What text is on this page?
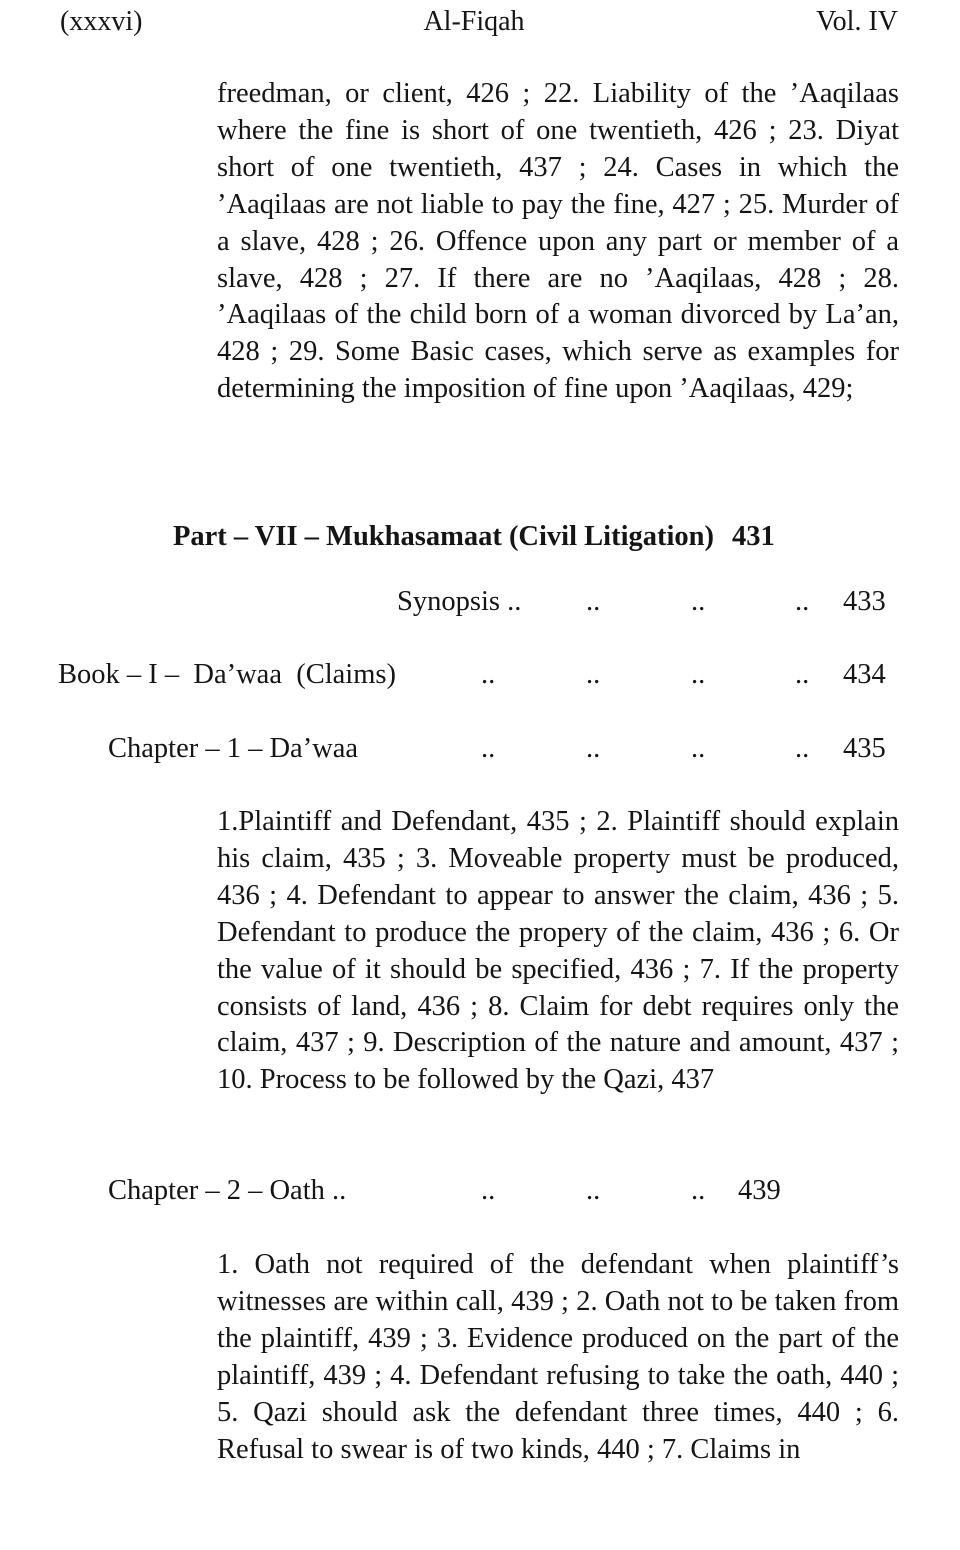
(xxxvi)	Al-Fiqah	Vol. IV

freedman, or client, 426 ; 22. Liability of the ’Aaqilaas where the fine is short of one twentieth, 426 ; 23. Diyat short of one twentieth, 437 ; 24. Cases in which the ’Aaqilaas are not liable to pay the fine, 427 ; 25. Murder of a slave, 428 ; 26. Offence upon any part or member of a slave, 428 ; 27. If there are no ’Aaqilaas, 428 ; 28. ’Aaqilaas of the child born of a woman divorced by La’an, 428 ; 29. Some Basic cases, which serve as examples for determining the imposition of fine upon ’Aaqilaas, 429;

Part – VII – Mukhasamaat (Civil Litigation) 431
Synopsis .. ..	..	.. 433
Book – I –  Da’waa  (Claims)	..	..	..	.. 434
Chapter – 1 – Da’waa	..	..	..	.. 435

1.Plaintiff and Defendant, 435 ; 2. Plaintiff should explain his claim, 435 ; 3. Moveable property must be produced, 436 ; 4. Defendant to appear to answer the claim, 436 ; 5. Defendant to produce the propery of the claim, 436 ; 6. Or the value of it should be specified, 436 ; 7. If the property consists of land, 436 ; 8. Claim for debt requires only the claim, 437 ; 9. Description of the nature and amount, 437 ; 10. Process to be followed by the Qazi, 437

Chapter – 2 – Oath ..	..	..	.. 439

1. Oath not required of the defendant when plaintiff’s witnesses are within call, 439 ; 2. Oath not to be taken from the plaintiff, 439 ; 3. Evidence produced on the part of the plaintiff, 439 ; 4. Defendant refusing to take the oath, 440 ; 5. Qazi should ask the defendant three times, 440 ; 6. Refusal to swear is of two kinds, 440 ; 7. Claims in
